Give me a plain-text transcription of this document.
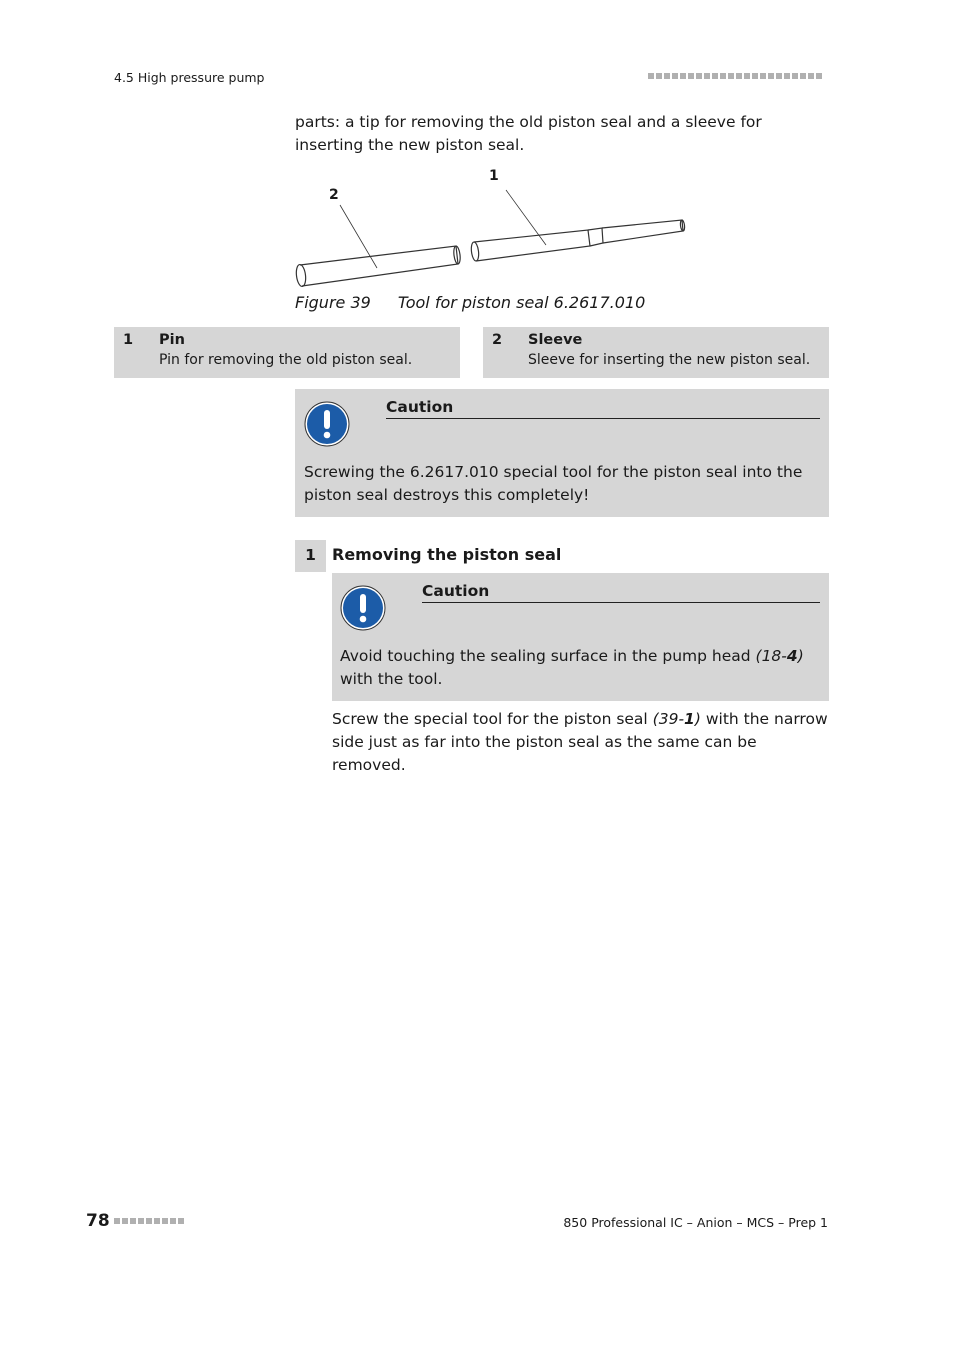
4.5 High pressure pump
parts: a tip for removing the old piston seal and a sleeve for inserting the new piston seal.
1
2
Figure 39 Tool for piston seal 6.2617.010
1 Pin
Pin for removing the old piston seal.
2 Sleeve
Sleeve for inserting the new piston seal.
Caution
Screwing the 6.2617.010 special tool for the piston seal into the piston seal destroys this completely!
1	Removing the piston seal
Caution
Avoid touching the sealing surface in the pump head (18-4) with the tool.
Screw the special tool for the piston seal (39-1) with the narrow side just as far into the piston seal as the same can be removed.
78	850 Professional IC – Anion – MCS – Prep 1
